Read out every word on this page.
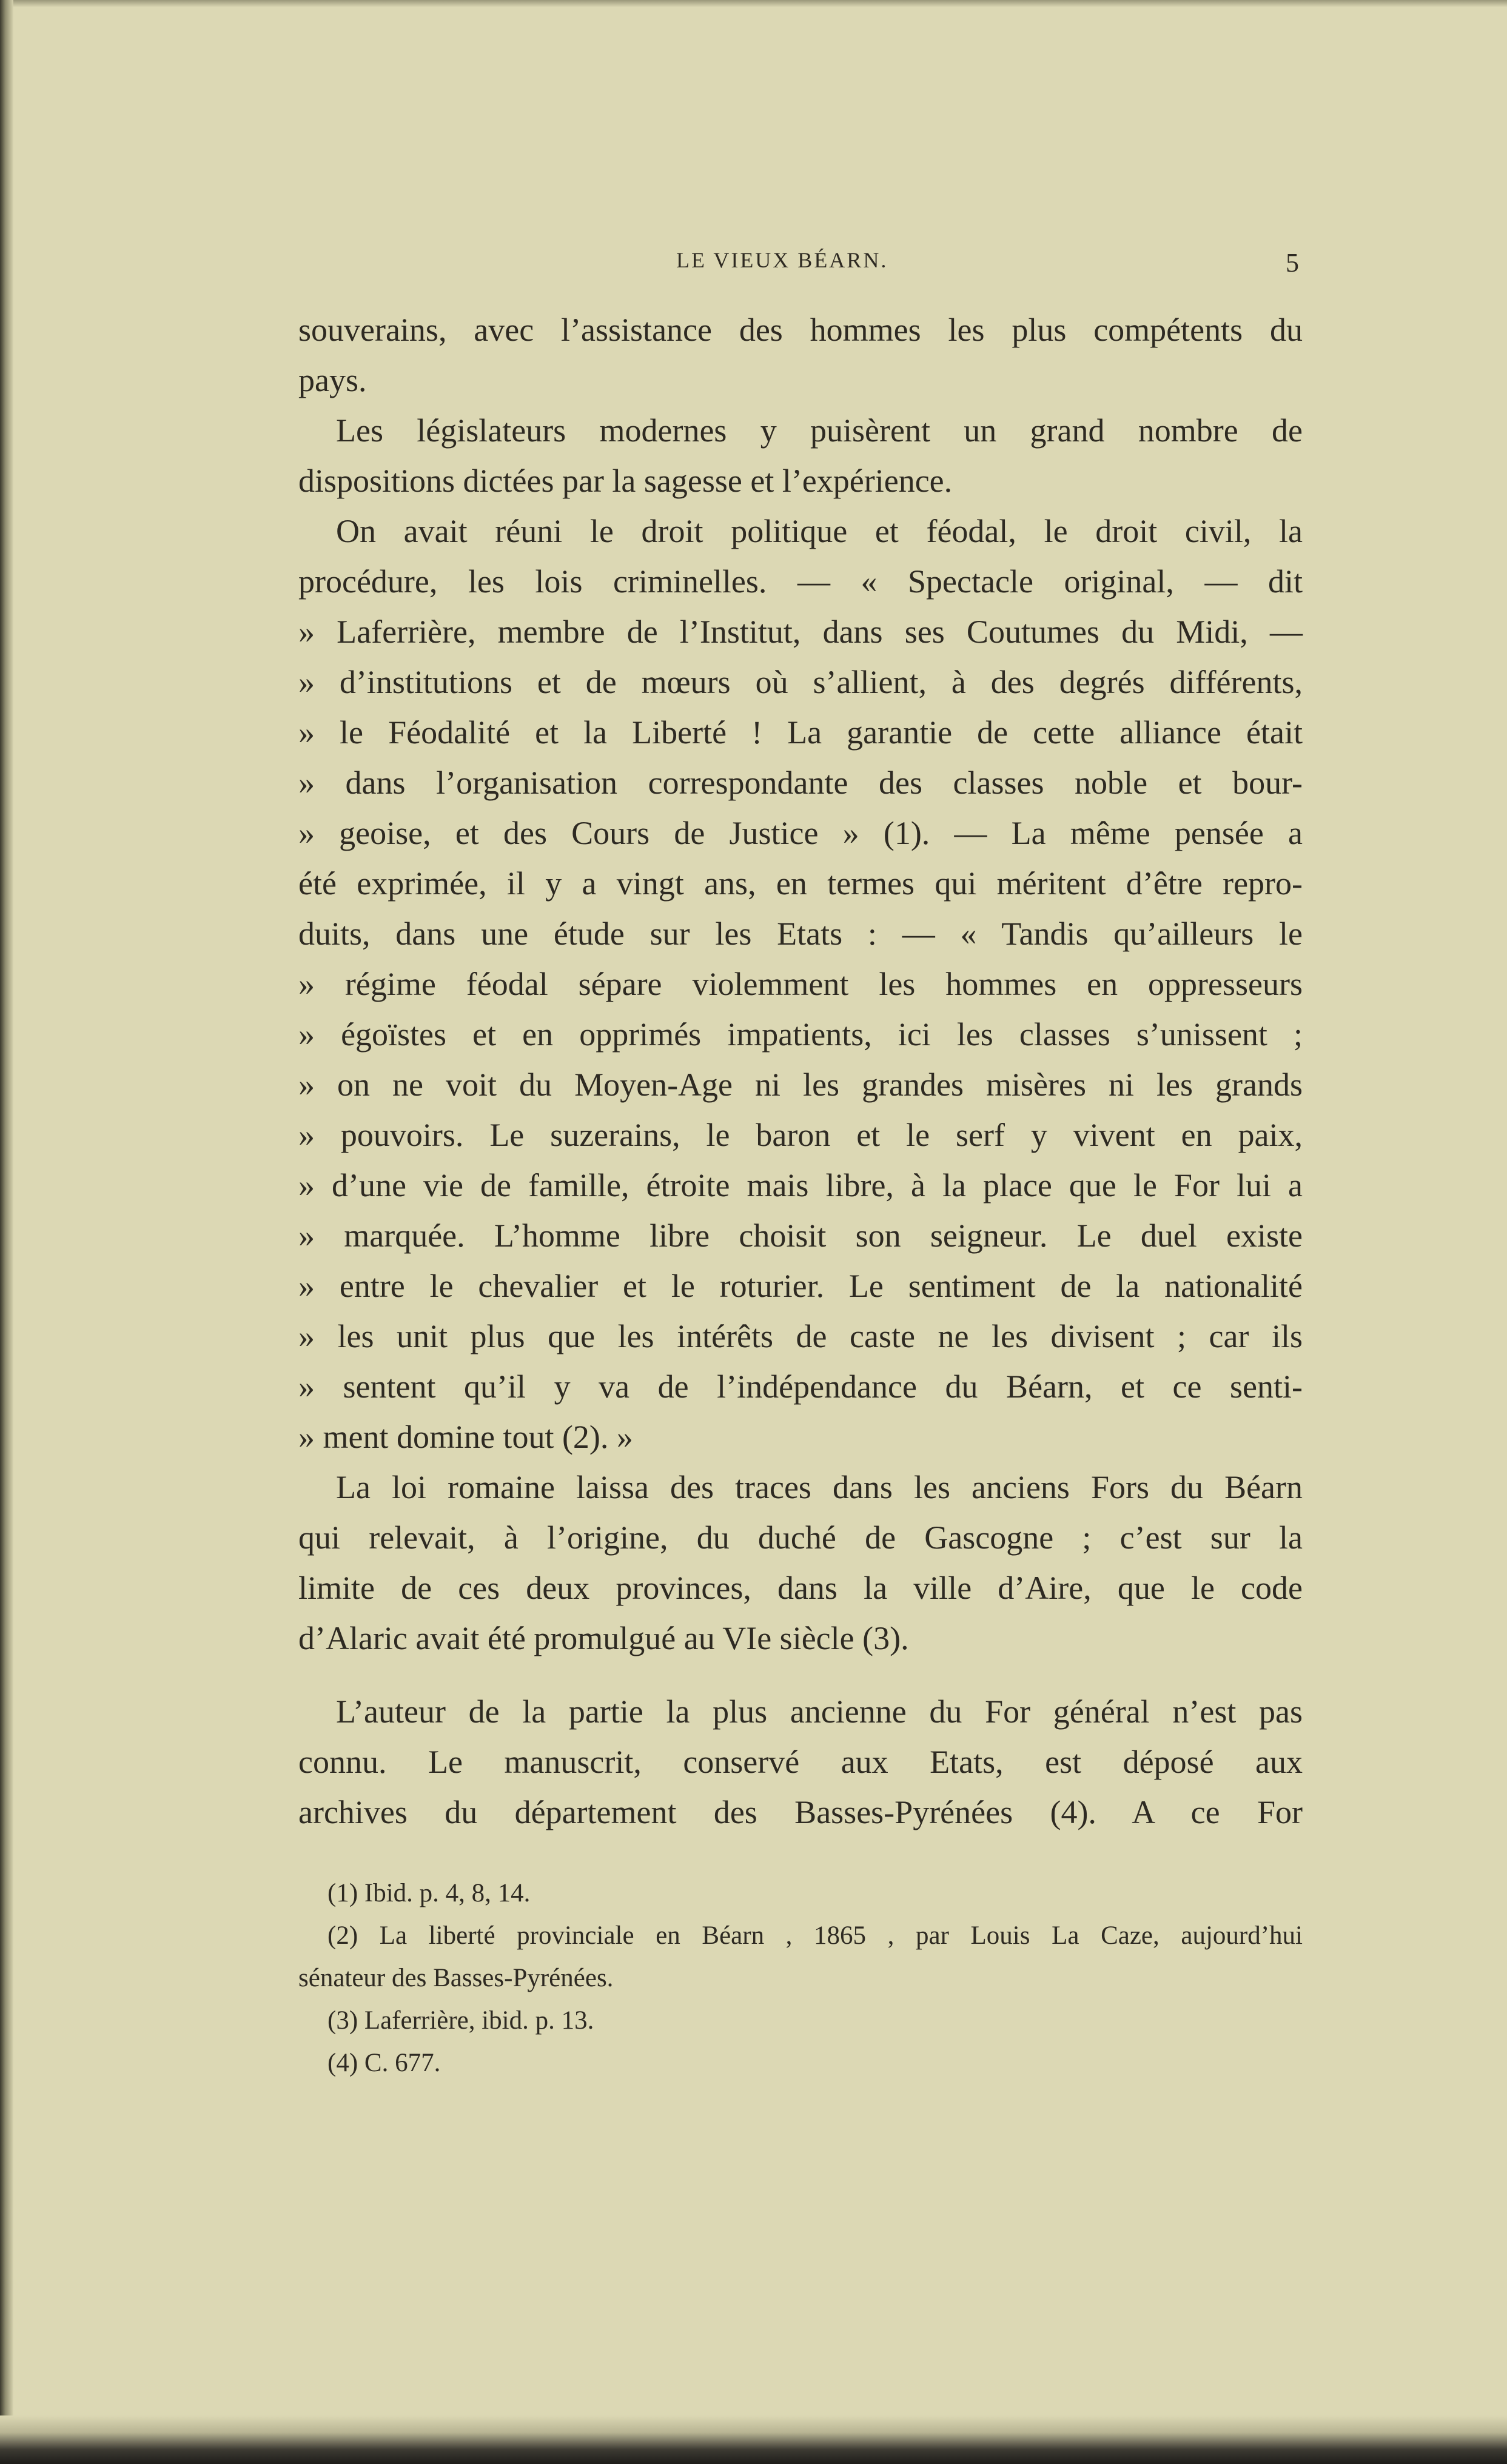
LE VIEUX BÉARN.	5
souverains, avec l’assistance des hommes les plus compétents du
pays.
Les législateurs modernes y puisèrent un grand nombre de
dispositions dictées par la sagesse et l’expérience.
On avait réuni le droit politique et féodal, le droit civil, la
procédure, les lois criminelles. — « Spectacle original, — dit
» Laferrière, membre de l’Institut, dans ses Coutumes du Midi, —
» d’institutions et de mœurs où s’allient, à des degrés différents,
» le Féodalité et la Liberté ! La garantie de cette alliance était
» dans l’organisation correspondante des classes noble et bour-
» geoise, et des Cours de Justice » (1). — La même pensée a
été exprimée, il y a vingt ans, en termes qui méritent d’être repro-
duits, dans une étude sur les Etats : — « Tandis qu’ailleurs le
» régime féodal sépare violemment les hommes en oppresseurs
» égoïstes et en opprimés impatients, ici les classes s’unissent ;
» on ne voit du Moyen-Age ni les grandes misères ni les grands
» pouvoirs. Le suzerains, le baron et le serf y vivent en paix,
» d’une vie de famille, étroite mais libre, à la place que le For lui a
» marquée. L’homme libre choisit son seigneur. Le duel existe
» entre le chevalier et le roturier. Le sentiment de la nationalité
» les unit plus que les intérêts de caste ne les divisent ; car ils
» sentent qu’il y va de l’indépendance du Béarn, et ce senti-
» ment domine tout (2). »
La loi romaine laissa des traces dans les anciens Fors du Béarn
qui relevait, à l’origine, du duché de Gascogne ; c’est sur la
limite de ces deux provinces, dans la ville d’Aire, que le code
d’Alaric avait été promulgué au VIe siècle (3).
L’auteur de la partie la plus ancienne du For général n’est pas
connu. Le manuscrit, conservé aux Etats, est déposé aux
archives du département des Basses-Pyrénées (4). A ce For
(1) Ibid. p. 4, 8, 14.
(2) La liberté provinciale en Béarn , 1865 , par Louis La Caze, aujourd’hui
sénateur des Basses-Pyrénées.
(3) Laferrière, ibid. p. 13.
(4) C. 677.
